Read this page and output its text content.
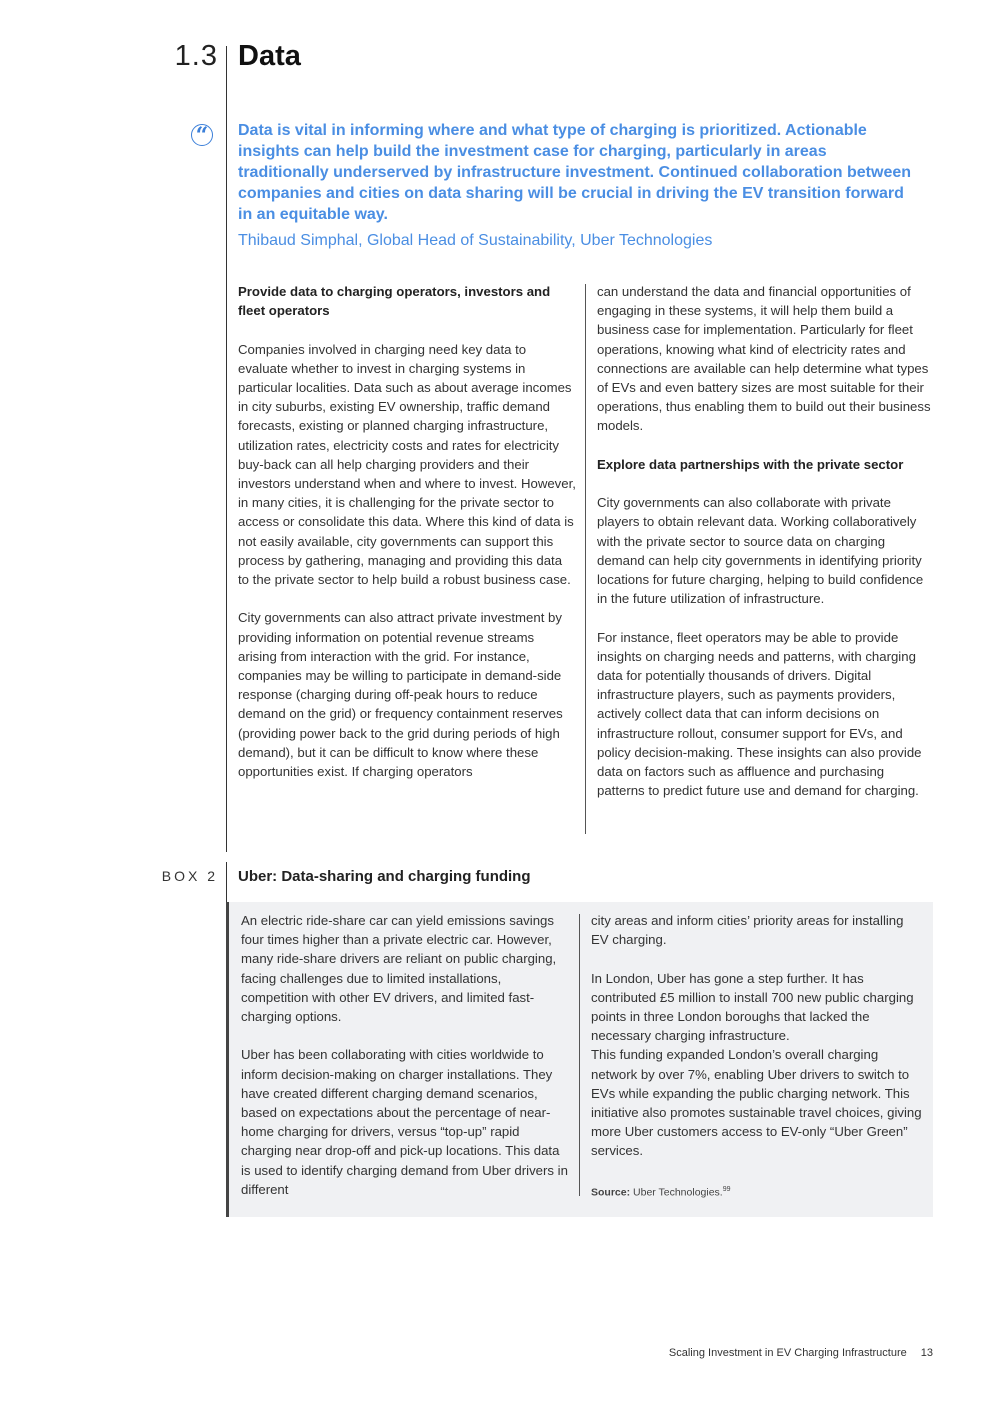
1.3 Data
“ Data is vital in informing where and what type of charging is prioritized. Actionable insights can help build the investment case for charging, particularly in areas traditionally underserved by infrastructure investment. Continued collaboration between companies and cities on data sharing will be crucial in driving the EV transition forward in an equitable way.
Thibaud Simphal, Global Head of Sustainability, Uber Technologies

Provide data to charging operators, investors and fleet operators

Companies involved in charging need key data to evaluate whether to invest in charging systems in particular localities. Data such as about average incomes in city suburbs, existing EV ownership, traffic demand forecasts, existing or planned charging infrastructure, utilization rates, electricity costs and rates for electricity buy-back can all help charging providers and their investors understand when and where to invest. However, in many cities, it is challenging for the private sector to access or consolidate this data. Where this kind of data is not easily available, city governments can support this process by gathering, managing and providing this data to the private sector to help build a robust business case.

City governments can also attract private investment by providing information on potential revenue streams arising from interaction with the grid. For instance, companies may be willing to participate in demand-side response (charging during off-peak hours to reduce demand on the grid) or frequency containment reserves (providing power back to the grid during periods of high demand), but it can be difficult to know where these opportunities exist. If charging operators

can understand the data and financial opportunities of engaging in these systems, it will help them build a business case for implementation. Particularly for fleet operations, knowing what kind of electricity rates and connections are available can help determine what types of EVs and even battery sizes are most suitable for their operations, thus enabling them to build out their business models.

Explore data partnerships with the private sector

City governments can also collaborate with private players to obtain relevant data. Working collaboratively with the private sector to source data on charging demand can help city governments in identifying priority locations for future charging, helping to build confidence in the future utilization of infrastructure.

For instance, fleet operators may be able to provide insights on charging needs and patterns, with charging data for potentially thousands of drivers. Digital infrastructure players, such as payments providers, actively collect data that can inform decisions on infrastructure rollout, consumer support for EVs, and policy decision-making. These insights can also provide data on factors such as affluence and purchasing patterns to predict future use and demand for charging.

BOX 2 Uber: Data-sharing and charging funding

An electric ride-share car can yield emissions savings four times higher than a private electric car. However, many ride-share drivers are reliant on public charging, facing challenges due to limited installations, competition with other EV drivers, and limited fast-charging options.

Uber has been collaborating with cities worldwide to inform decision-making on charger installations. They have created different charging demand scenarios, based on expectations about the percentage of near-home charging for drivers, versus “top-up” rapid charging near drop-off and pick-up locations. This data is used to identify charging demand from Uber drivers in different

city areas and inform cities’ priority areas for installing EV charging.

In London, Uber has gone a step further. It has contributed £5 million to install 700 new public charging points in three London boroughs that lacked the necessary charging infrastructure.

This funding expanded London’s overall charging network by over 7%, enabling Uber drivers to switch to EVs while expanding the public charging network. This initiative also promotes sustainable travel choices, giving more Uber customers access to EV-only “Uber Green” services.

Source: Uber Technologies.$^{99}$
Scaling Investment in EV Charging Infrastructure 13
